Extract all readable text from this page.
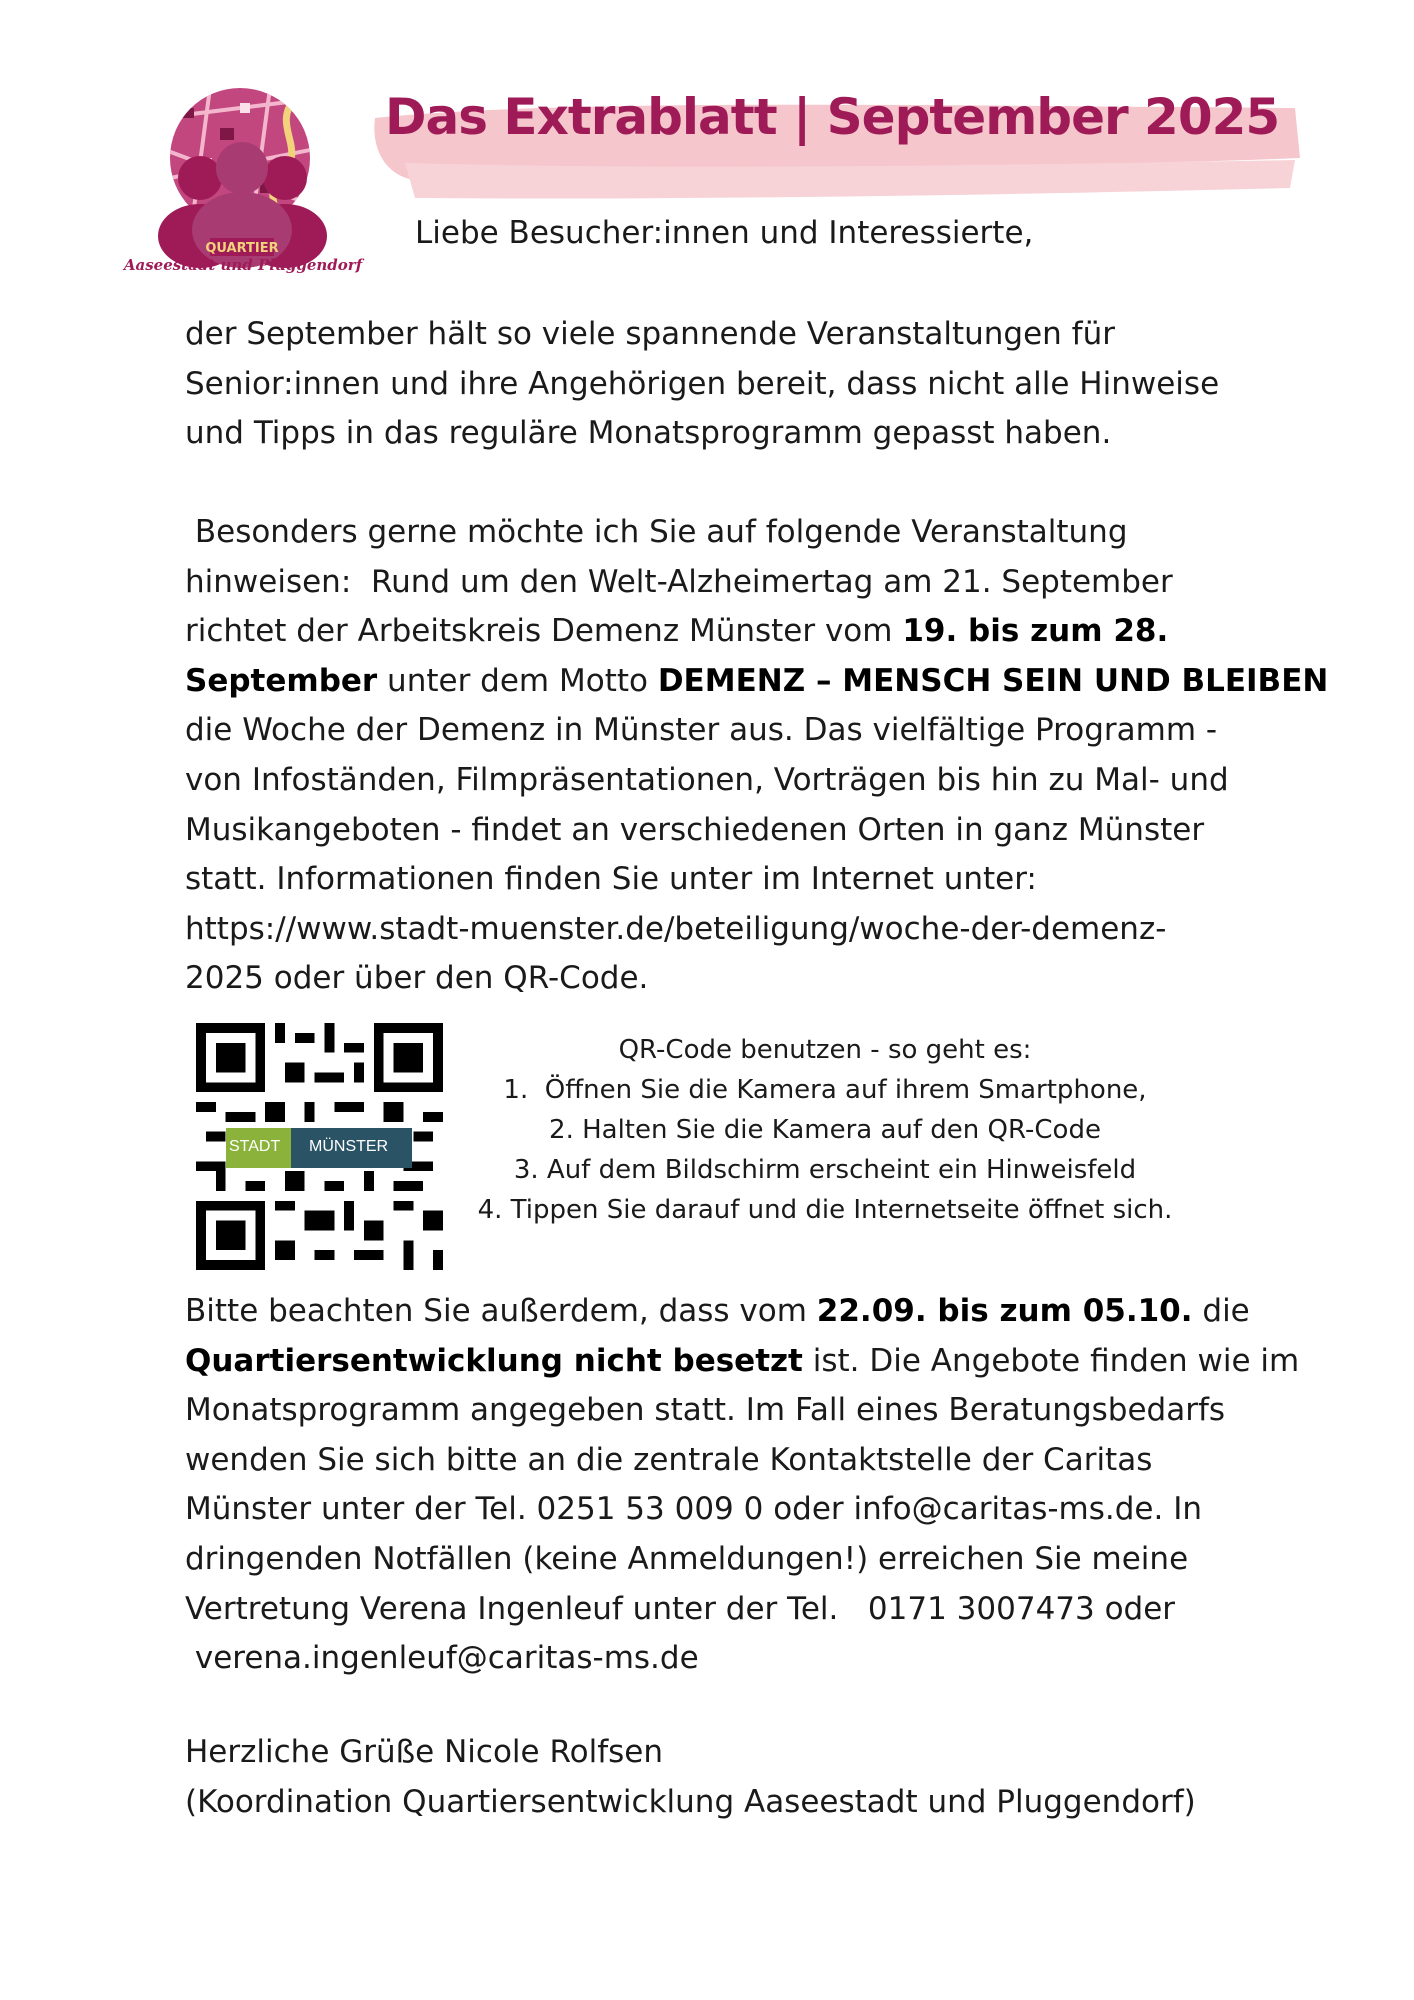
QUARTIER
Aaseestadt und Pluggendorf
Das Extrablatt | September 2025
Liebe Besucher:innen und Interessierte,

der September hält so viele spannende Veranstaltungen für

Senior:innen und ihre Angehörigen bereit, dass nicht alle Hinweise

und Tipps in das reguläre Monatsprogramm gepasst haben.

Besonders gerne möchte ich Sie auf folgende Veranstaltung

hinweisen:  Rund um den Welt-Alzheimertag am 21. September

richtet der Arbeitskreis Demenz Münster vom 19. bis zum 28.

September unter dem Motto DEMENZ – MENSCH SEIN UND BLEIBEN

die Woche der Demenz in Münster aus. Das vielfältige Programm -

von Infoständen, Filmpräsentationen, Vorträgen bis hin zu Mal- und

Musikangeboten - findet an verschiedenen Orten in ganz Münster

statt. Informationen finden Sie unter im Internet unter:

https://www.stadt-muenster.de/beteiligung/woche-der-demenz-

2025 oder über den QR-Code.

STADT MÜNSTER
QR-Code benutzen - so geht es:
1.  Öffnen Sie die Kamera auf ihrem Smartphone,
2. Halten Sie die Kamera auf den QR-Code
3. Auf dem Bildschirm erscheint ein Hinweisfeld
4. Tippen Sie darauf und die Internetseite öffnet sich.

Bitte beachten Sie außerdem, dass vom 22.09. bis zum 05.10. die

Quartiersentwicklung nicht besetzt ist. Die Angebote finden wie im

Monatsprogramm angegeben statt. Im Fall eines Beratungsbedarfs

wenden Sie sich bitte an die zentrale Kontaktstelle der Caritas

Münster unter der Tel. 0251 53 009 0 oder info@caritas-ms.de. In

dringenden Notfällen (keine Anmeldungen!) erreichen Sie meine

Vertretung Verena Ingenleuf unter der Tel.   0171 3007473 oder

verena.ingenleuf@caritas-ms.de

Herzliche Grüße Nicole Rolfsen

(Koordination Quartiersentwicklung Aaseestadt und Pluggendorf)
